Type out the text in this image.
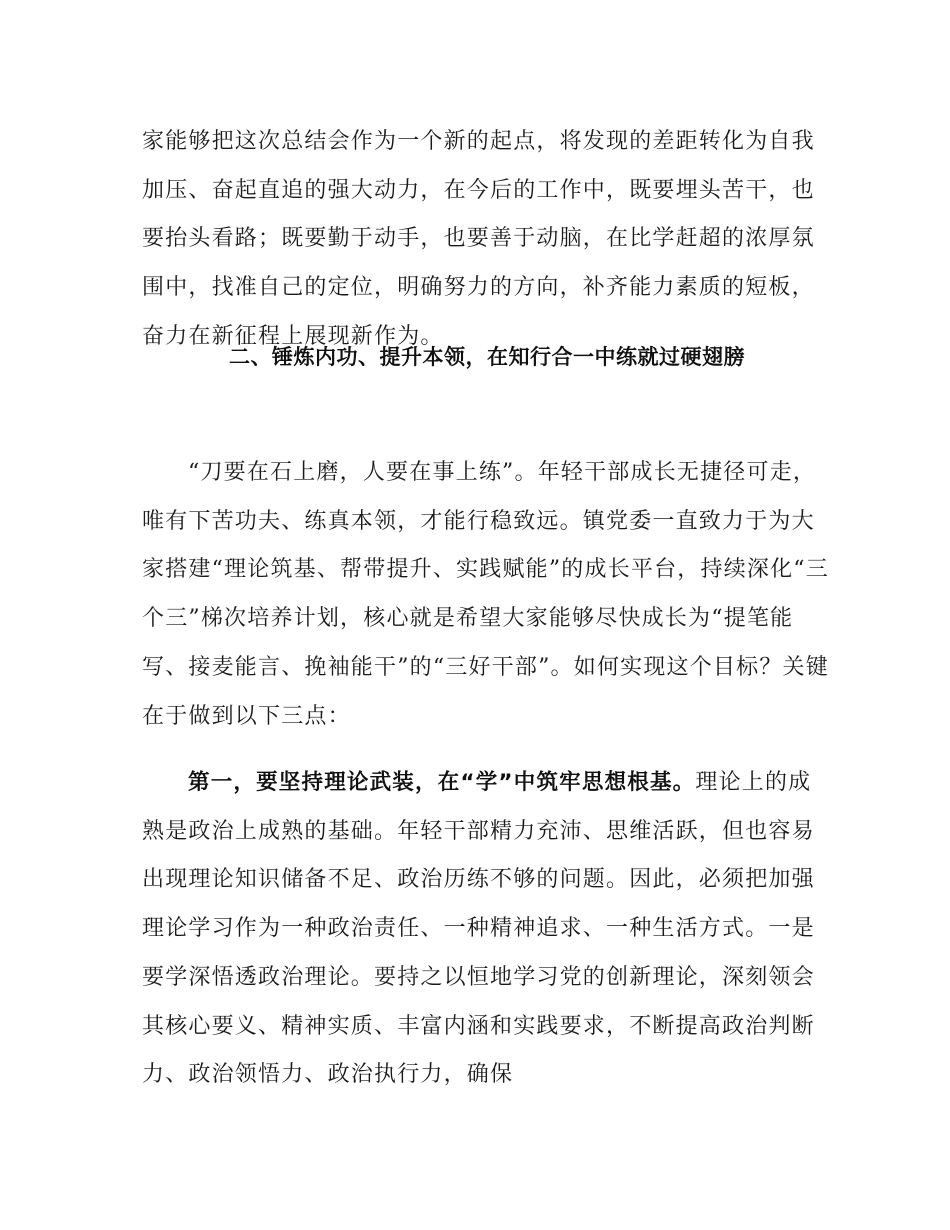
家能够把这次总结会作为一个新的起点，将发现的差距转化为自我加压、奋起直追的强大动力，在今后的工作中，既要埋头苦干，也要抬头看路；既要勤于动手，也要善于动脑，在比学赶超的浓厚氛围中，找准自己的定位，明确努力的方向，补齐能力素质的短板，奋力在新征程上展现新作为。

二、锤炼内功、提升本领，在知行合一中练就过硬翅膀

“刀要在石上磨，人要在事上练”。年轻干部成长无捷径可走，唯有下苦功夫、练真本领，才能行稳致远。镇党委一直致力于为大家搭建“理论筑基、帮带提升、实践赋能”的成长平台，持续深化“三个三”梯次培养计划，核心就是希望大家能够尽快成长为“提笔能写、接麦能言、挽袖能干”的“三好干部”。如何实现这个目标？关键在于做到以下三点：

第一，要坚持理论武装，在“学”中筑牢思想根基。理论上的成熟是政治上成熟的基础。年轻干部精力充沛、思维活跃，但也容易出现理论知识储备不足、政治历练不够的问题。因此，必须把加强理论学习作为一种政治责任、一种精神追求、一种生活方式。一是要学深悟透政治理论。要持之以恒地学习党的创新理论，深刻领会其核心要义、精神实质、丰富内涵和实践要求，不断提高政治判断力、政治领悟力、政治执行力，确保
